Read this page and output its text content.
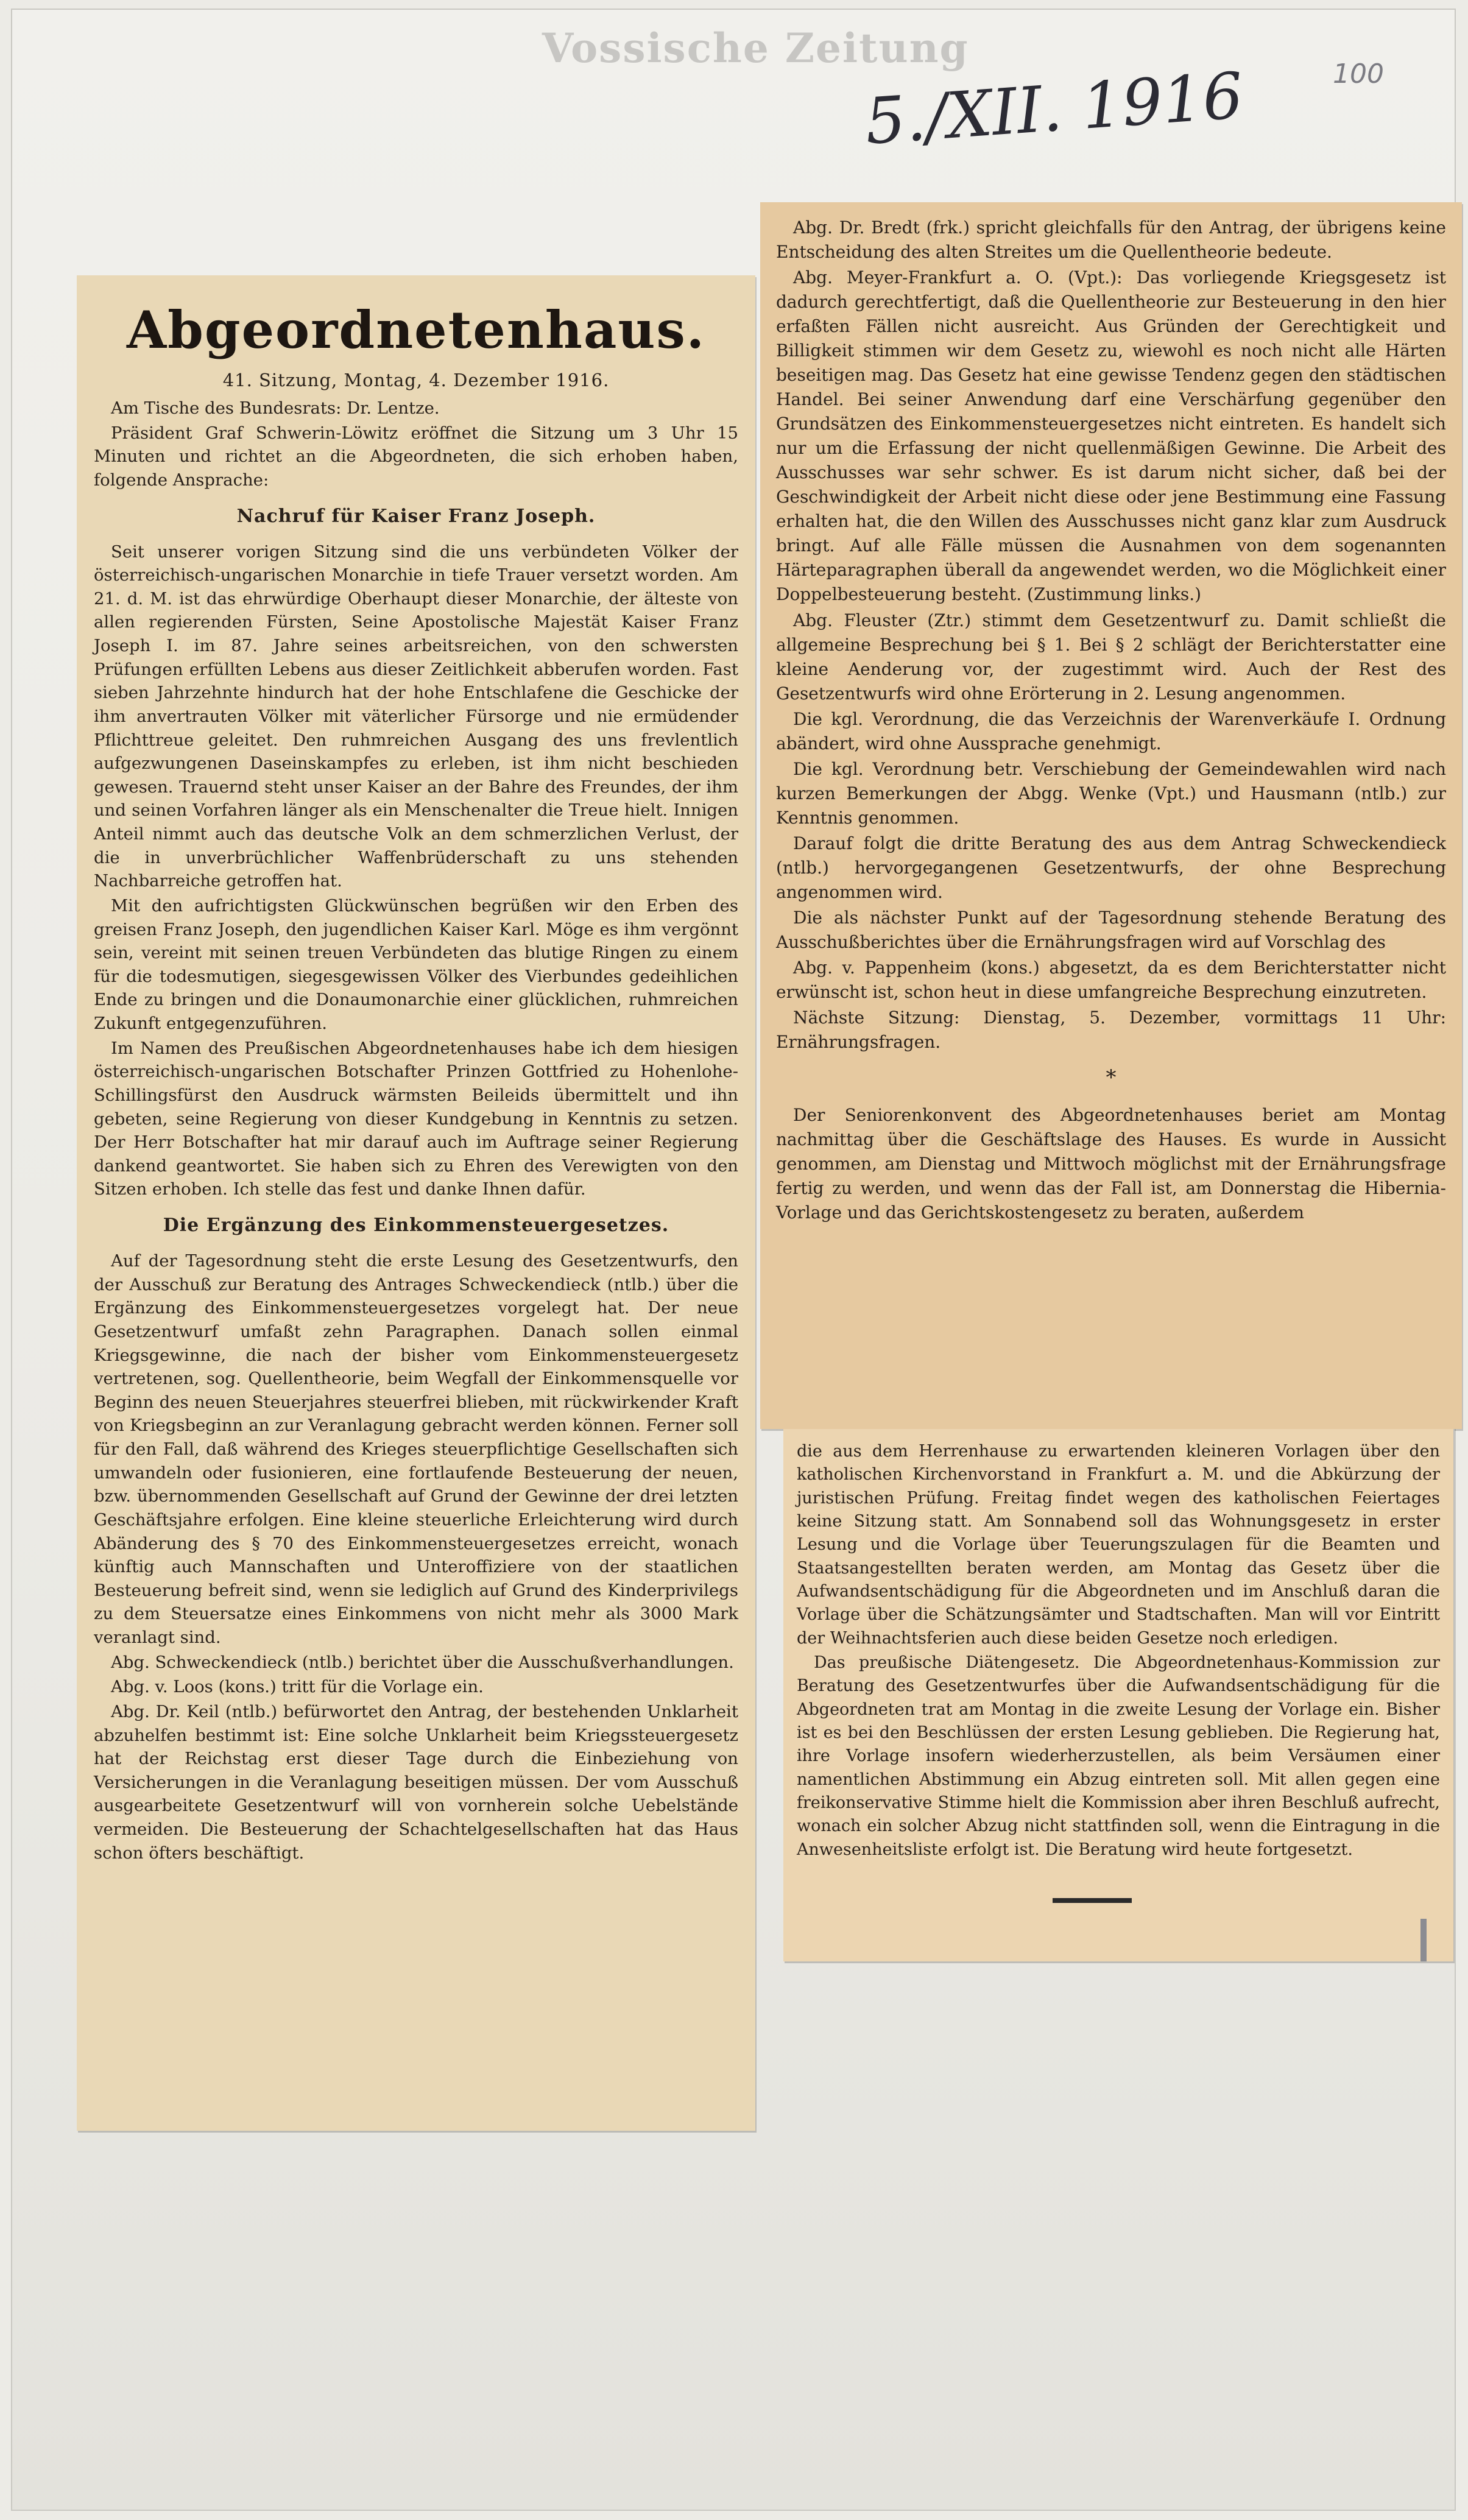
Vossische Zeitung
5./XII. 1916	100
Abgeordnetenhaus.
41. Sitzung, Montag, 4. Dezember 1916.

Am Tische des Bundesrats: Dr. Lentze.

Präsident Graf Schwerin-Löwitz eröffnet die Sitzung um 3 Uhr 15 Minuten und richtet an die Abgeordneten, die sich erhoben haben, folgende Ansprache:

Nachruf für Kaiser Franz Joseph.

Seit unserer vorigen Sitzung sind die uns verbündeten Völker der österreichisch-ungarischen Monarchie in tiefe Trauer versetzt worden. Am 21. d. M. ist das ehrwürdige Oberhaupt dieser Monarchie, der älteste von allen regierenden Fürsten, Seine Apostolische Majestät Kaiser Franz Joseph I. im 87. Jahre seines arbeitsreichen, von den schwersten Prüfungen erfüllten Lebens aus dieser Zeitlichkeit abberufen worden. Fast sieben Jahrzehnte hindurch hat der hohe Entschlafene die Geschicke der ihm anvertrauten Völker mit väterlicher Fürsorge und nie ermüdender Pflichttreue geleitet. Den ruhmreichen Ausgang des uns frevlentlich aufgezwungenen Daseinskampfes zu erleben, ist ihm nicht beschieden gewesen. Trauernd steht unser Kaiser an der Bahre des Freundes, der ihm und seinen Vorfahren länger als ein Menschenalter die Treue hielt. Innigen Anteil nimmt auch das deutsche Volk an dem schmerzlichen Verlust, der die in unverbrüchlicher Waffenbrüderschaft zu uns stehenden Nachbarreiche getroffen hat.

Mit den aufrichtigsten Glückwünschen begrüßen wir den Erben des greisen Franz Joseph, den jugendlichen Kaiser Karl. Möge es ihm vergönnt sein, vereint mit seinen treuen Verbündeten das blutige Ringen zu einem für die todesmutigen, siegesgewissen Völker des Vierbundes gedeihlichen Ende zu bringen und die Donaumonarchie einer glücklichen, ruhmreichen Zukunft entgegenzuführen.

Im Namen des Preußischen Abgeordnetenhauses habe ich dem hiesigen österreichisch-ungarischen Botschafter Prinzen Gottfried zu Hohenlohe-Schillingsfürst den Ausdruck wärmsten Beileids übermittelt und ihn gebeten, seine Regierung von dieser Kundgebung in Kenntnis zu setzen. Der Herr Botschafter hat mir darauf auch im Auftrage seiner Regierung dankend geantwortet. Sie haben sich zu Ehren des Verewigten von den Sitzen erhoben. Ich stelle das fest und danke Ihnen dafür.

Die Ergänzung des Einkommensteuergesetzes.

Auf der Tagesordnung steht die erste Lesung des Gesetzentwurfs, den der Ausschuß zur Beratung des Antrages Schweckendieck (ntlb.) über die Ergänzung des Einkommensteuergesetzes vorgelegt hat. Der neue Gesetzentwurf umfaßt zehn Paragraphen. Danach sollen einmal Kriegsgewinne, die nach der bisher vom Einkommensteuergesetz vertretenen, sog. Quellentheorie, beim Wegfall der Einkommensquelle vor Beginn des neuen Steuerjahres steuerfrei blieben, mit rückwirkender Kraft von Kriegsbeginn an zur Veranlagung gebracht werden können. Ferner soll für den Fall, daß während des Krieges steuerpflichtige Gesellschaften sich umwandeln oder fusionieren, eine fortlaufende Besteuerung der neuen, bzw. übernommenden Gesellschaft auf Grund der Gewinne der drei letzten Geschäftsjahre erfolgen. Eine kleine steuerliche Erleichterung wird durch Abänderung des § 70 des Einkommensteuergesetzes erreicht, wonach künftig auch Mannschaften und Unteroffiziere von der staatlichen Besteuerung befreit sind, wenn sie lediglich auf Grund des Kinderprivilegs zu dem Steuersatze eines Einkommens von nicht mehr als 3000 Mark veranlagt sind.

Abg. Schweckendieck (ntlb.) berichtet über die Ausschußverhandlungen.

Abg. v. Loos (kons.) tritt für die Vorlage ein.

Abg. Dr. Keil (ntlb.) befürwortet den Antrag, der bestehenden Unklarheit abzuhelfen bestimmt ist: Eine solche Unklarheit beim Kriegssteuergesetz hat der Reichstag erst dieser Tage durch die Einbeziehung von Versicherungen in die Veranlagung beseitigen müssen. Der vom Ausschuß ausgearbeitete Gesetzentwurf will von vornherein solche Uebelstände vermeiden. Die Besteuerung der Schachtelgesellschaften hat das Haus schon öfters beschäftigt.

Abg. Dr. Bredt (frk.) spricht gleichfalls für den Antrag, der übrigens keine Entscheidung des alten Streites um die Quellentheorie bedeute.

Abg. Meyer-Frankfurt a. O. (Vpt.): Das vorliegende Kriegsgesetz ist dadurch gerechtfertigt, daß die Quellentheorie zur Besteuerung in den hier erfaßten Fällen nicht ausreicht. Aus Gründen der Gerechtigkeit und Billigkeit stimmen wir dem Gesetz zu, wiewohl es noch nicht alle Härten beseitigen mag. Das Gesetz hat eine gewisse Tendenz gegen den städtischen Handel. Bei seiner Anwendung darf eine Verschärfung gegenüber den Grundsätzen des Einkommensteuergesetzes nicht eintreten. Es handelt sich nur um die Erfassung der nicht quellenmäßigen Gewinne. Die Arbeit des Ausschusses war sehr schwer. Es ist darum nicht sicher, daß bei der Geschwindigkeit der Arbeit nicht diese oder jene Bestimmung eine Fassung erhalten hat, die den Willen des Ausschusses nicht ganz klar zum Ausdruck bringt. Auf alle Fälle müssen die Ausnahmen von dem sogenannten Härteparagraphen überall da angewendet werden, wo die Möglichkeit einer Doppelbesteuerung besteht. (Zustimmung links.)

Abg. Fleuster (Ztr.) stimmt dem Gesetzentwurf zu. Damit schließt die allgemeine Besprechung bei § 1. Bei § 2 schlägt der Berichterstatter eine kleine Aenderung vor, der zugestimmt wird. Auch der Rest des Gesetzentwurfs wird ohne Erörterung in 2. Lesung angenommen.

Die kgl. Verordnung, die das Verzeichnis der Warenverkäufe I. Ordnung abändert, wird ohne Aussprache genehmigt.

Die kgl. Verordnung betr. Verschiebung der Gemeindewahlen wird nach kurzen Bemerkungen der Abgg. Wenke (Vpt.) und Hausmann (ntlb.) zur Kenntnis genommen.

Darauf folgt die dritte Beratung des aus dem Antrag Schweckendieck (ntlb.) hervorgegangenen Gesetzentwurfs, der ohne Besprechung angenommen wird.

Die als nächster Punkt auf der Tagesordnung stehende Beratung des Ausschußberichtes über die Ernährungsfragen wird auf Vorschlag des

Abg. v. Pappenheim (kons.) abgesetzt, da es dem Berichterstatter nicht erwünscht ist, schon heut in diese umfangreiche Besprechung einzutreten.

Nächste Sitzung: Dienstag, 5. Dezember, vormittags 11 Uhr: Ernährungsfragen.

*

Der Seniorenkonvent des Abgeordnetenhauses beriet am Montag nachmittag über die Geschäftslage des Hauses. Es wurde in Aussicht genommen, am Dienstag und Mittwoch möglichst mit der Ernährungsfrage fertig zu werden, und wenn das der Fall ist, am Donnerstag die Hibernia-Vorlage und das Gerichtskostengesetz zu beraten, außerdem

die aus dem Herrenhause zu erwartenden kleineren Vorlagen über den katholischen Kirchenvorstand in Frankfurt a. M. und die Abkürzung der juristischen Prüfung. Freitag findet wegen des katholischen Feiertages keine Sitzung statt. Am Sonnabend soll das Wohnungsgesetz in erster Lesung und die Vorlage über Teuerungszulagen für die Beamten und Staatsangestellten beraten werden, am Montag das Gesetz über die Aufwandsentschädigung für die Abgeordneten und im Anschluß daran die Vorlage über die Schätzungsämter und Stadtschaften. Man will vor Eintritt der Weihnachtsferien auch diese beiden Gesetze noch erledigen.

Das preußische Diätengesetz. Die Abgeordnetenhaus-Kommission zur Beratung des Gesetzentwurfes über die Aufwandsentschädigung für die Abgeordneten trat am Montag in die zweite Lesung der Vorlage ein. Bisher ist es bei den Beschlüssen der ersten Lesung geblieben. Die Regierung hat, ihre Vorlage insofern wiederherzustellen, als beim Versäumen einer namentlichen Abstimmung ein Abzug eintreten soll. Mit allen gegen eine freikonservative Stimme hielt die Kommission aber ihren Beschluß aufrecht, wonach ein solcher Abzug nicht stattfinden soll, wenn die Eintragung in die Anwesenheitsliste erfolgt ist. Die Beratung wird heute fortgesetzt.
